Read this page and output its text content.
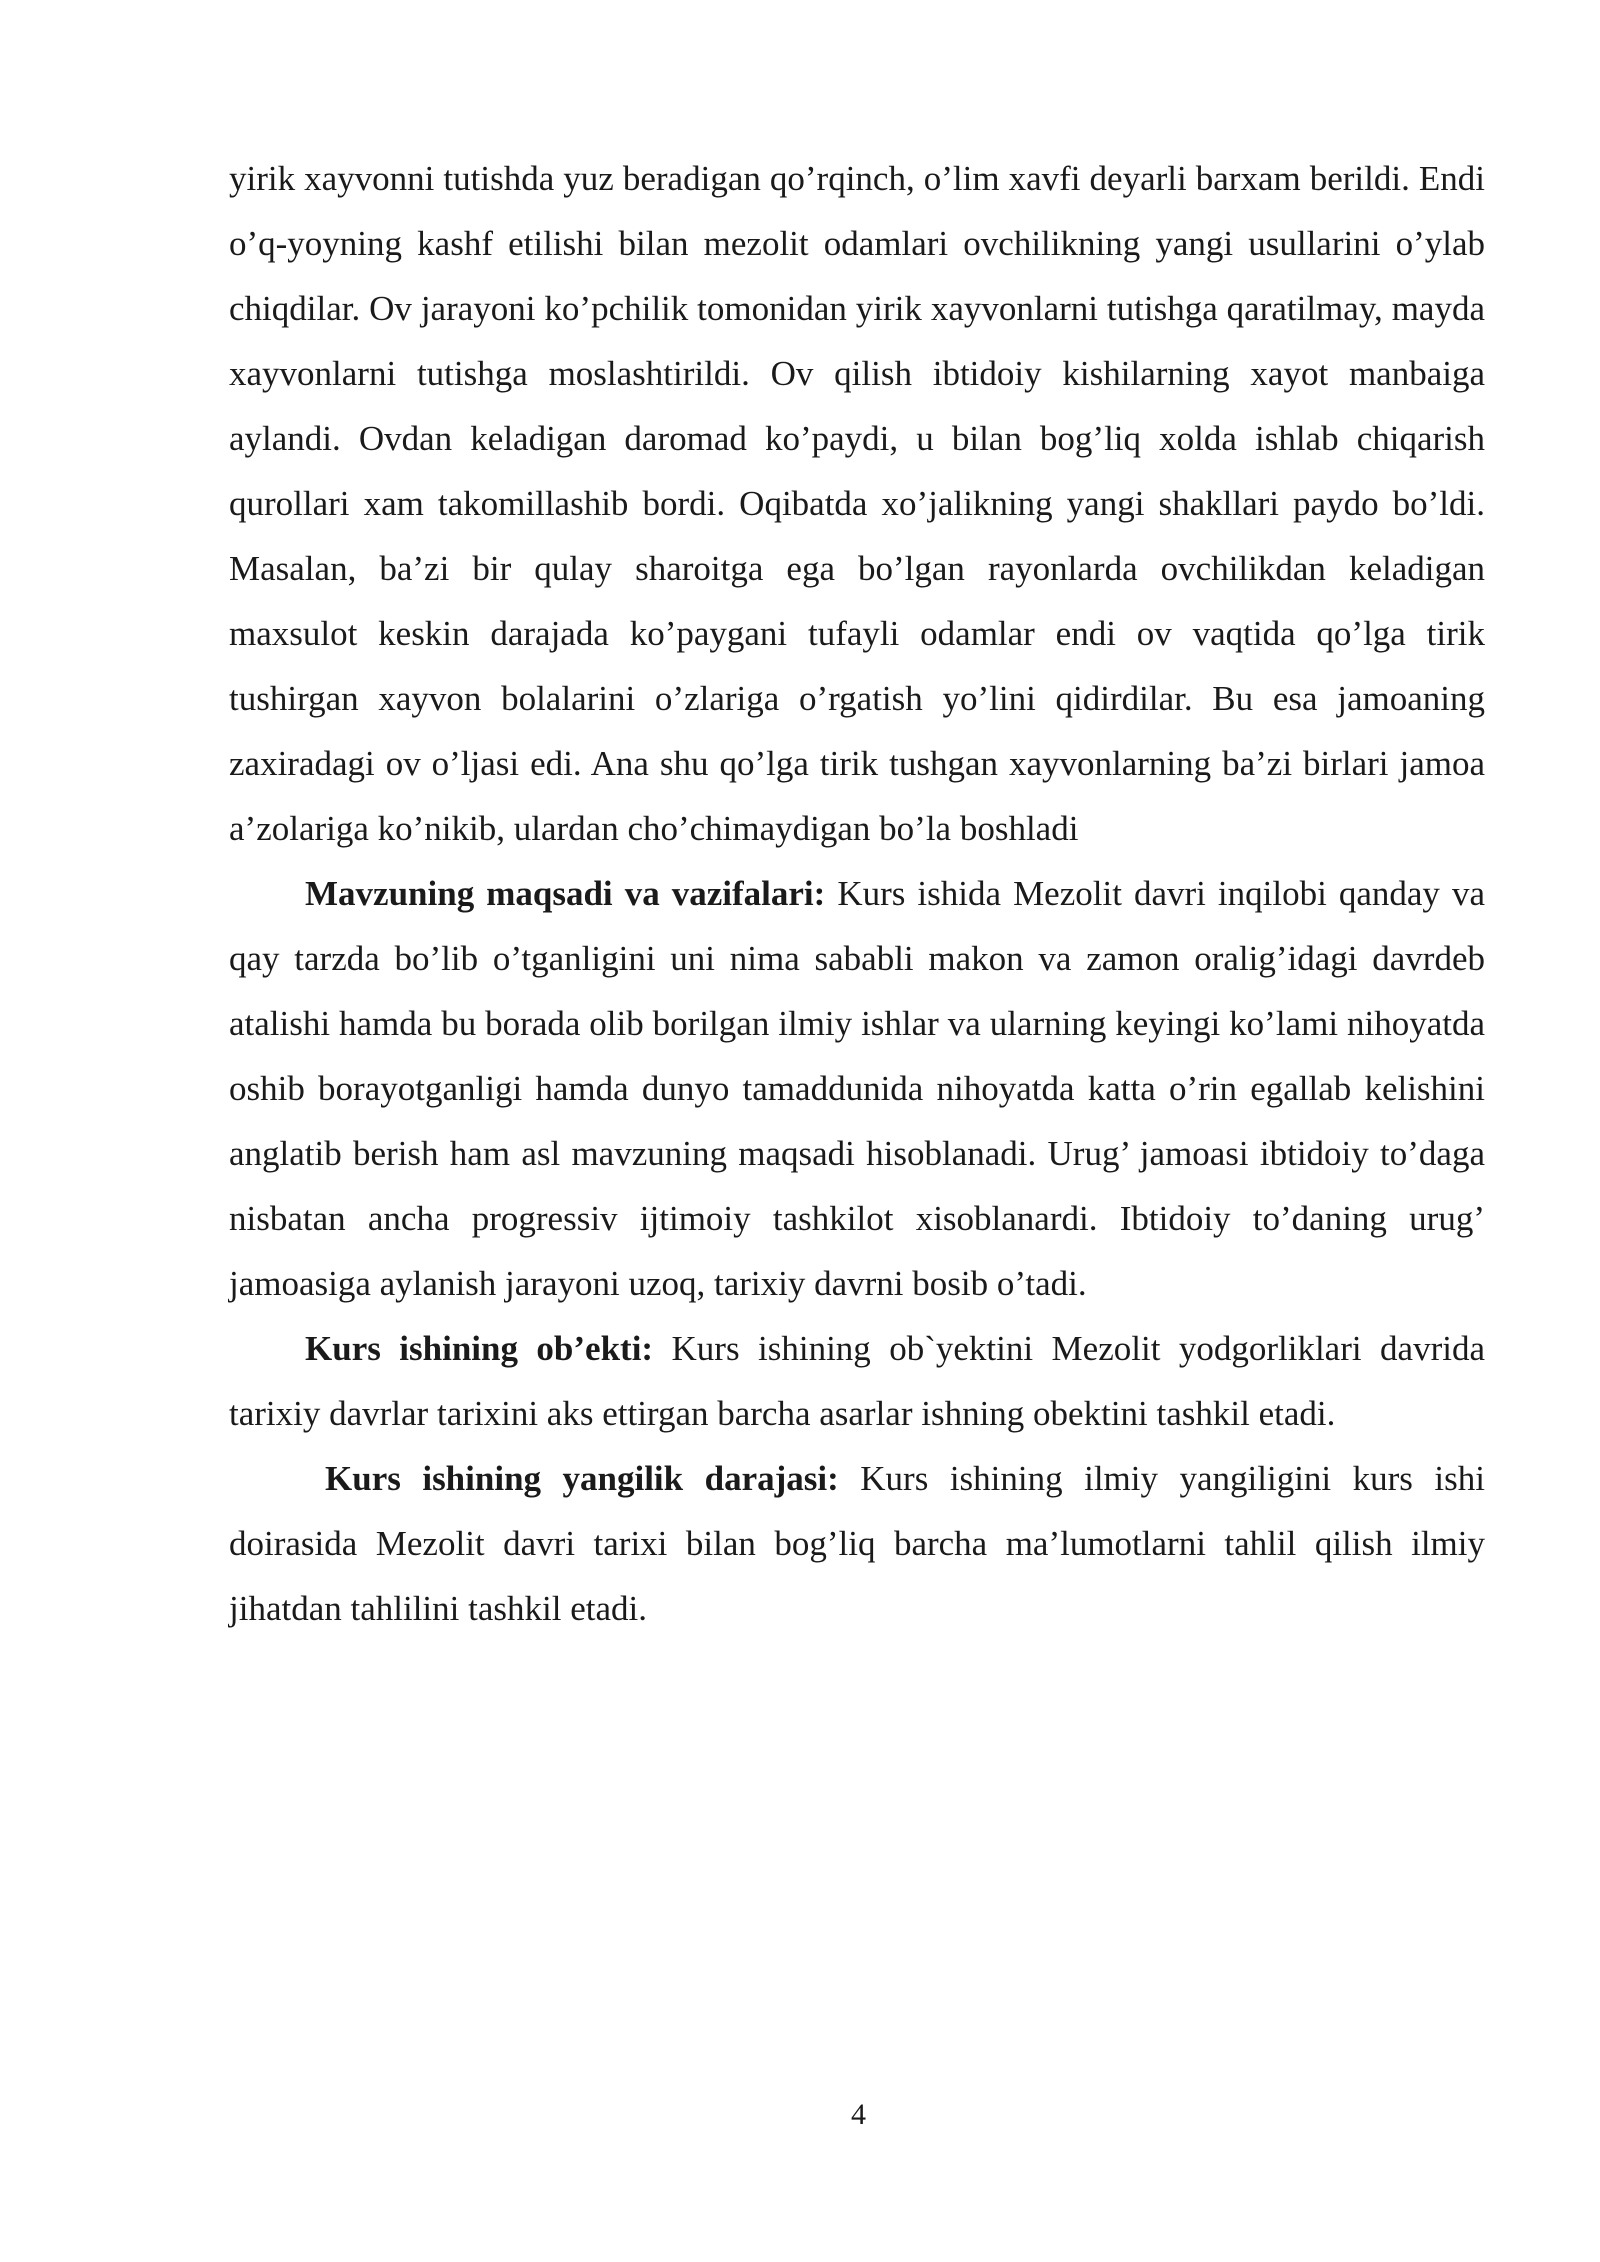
yirik xayvonni tutishda yuz beradigan qo’rqinch, o’lim xavfi deyarli barxam berildi. Endi o’q-yoyning kashf etilishi bilan mezolit odamlari ovchilikning yangi usullarini o’ylab chiqdilar. Ov jarayoni ko’pchilik tomonidan yirik xayvonlarni tutishga qaratilmay, mayda xayvonlarni tutishga moslashtirildi. Ov qilish ibtidoiy kishilarning xayot manbaiga aylandi. Ovdan keladigan daromad ko’paydi, u bilan bog’liq xolda ishlab chiqarish qurollari xam takomillashib bordi. Oqibatda xo’jalikning yangi shakllari paydo bo’ldi. Masalan, ba’zi bir qulay sharoitga ega bo’lgan rayonlarda ovchilikdan keladigan maxsulot keskin darajada ko’paygani tufayli odamlar endi ov vaqtida qo’lga tirik tushirgan xayvon bolalarini o’zlariga o’rgatish yo’lini qidirdilar. Bu esa jamoaning zaxiradagi ov o’ljasi edi. Ana shu qo’lga tirik tushgan xayvonlarning ba’zi birlari jamoa a’zolariga ko’nikib, ulardan cho’chimaydigan bo’la boshladi

Mavzuning maqsadi va vazifalari: Kurs ishida Mezolit davri inqilobi qanday va qay tarzda bo’lib o’tganligini uni nima sababli makon va zamon oralig’idagi davrdeb atalishi hamda bu borada olib borilgan ilmiy ishlar va ularning keyingi ko’lami nihoyatda oshib borayotganligi hamda dunyo tamaddunida nihoyatda katta o’rin egallab kelishini anglatib berish ham asl mavzuning maqsadi hisoblanadi. Urug’ jamoasi ibtidoiy to’daga nisbatan ancha progressiv ijtimoiy tashkilot xisoblanardi. Ibtidoiy to’daning urug’ jamoasiga aylanish jarayoni uzoq, tarixiy davrni bosib o’tadi.

Kurs ishining ob’ekti: Kurs ishining ob`yektini Mezolit yodgorliklari davrida tarixiy davrlar tarixini aks ettirgan barcha asarlar ishning obektini tashkil etadi.

Kurs ishining yangilik darajasi: Kurs ishining ilmiy yangiligini kurs ishi doirasida Mezolit davri tarixi bilan bog’liq barcha ma’lumotlarni tahlil qilish ilmiy jihatdan tahlilini tashkil etadi.

4
